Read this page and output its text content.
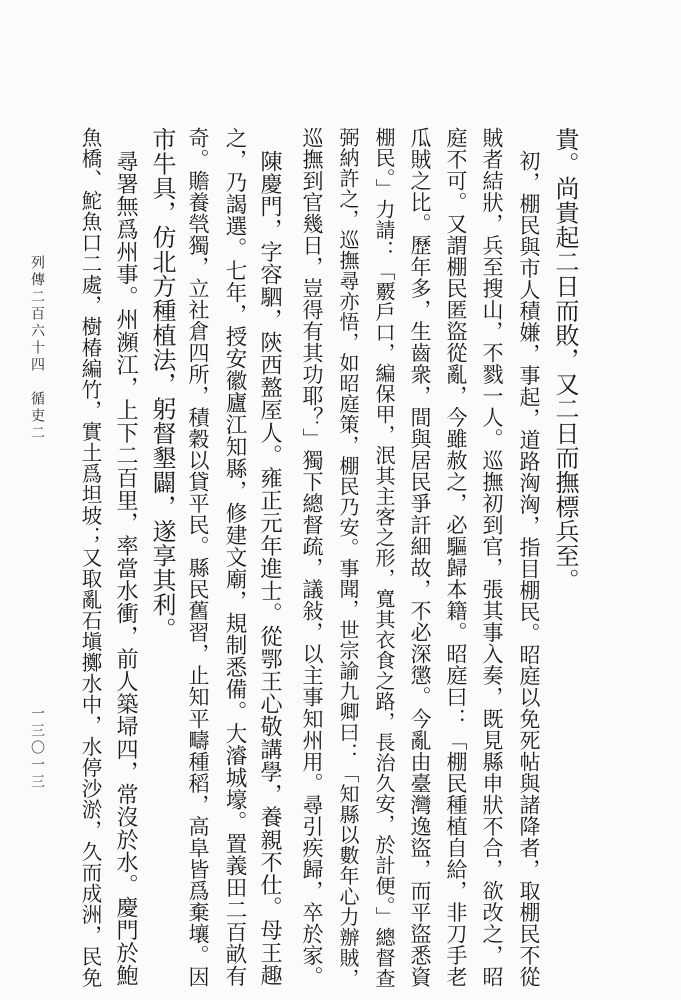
貴。尚貴起二日而敗，又二日而撫標兵至。
初，棚民與市人積嫌，事起，道路洶洶，指目棚民。昭庭以免死帖與諸降者，取棚民不從
賊者結狀，兵至搜山，不戮一人。巡撫初到官，張其事入奏，既見縣申狀不合，欲改之，昭
庭不可。又謂棚民匿盜從亂，今雖赦之，必驅歸本籍。昭庭曰：「棚民種植自給，非刀手老
瓜賊之比。歷年多，生齒衆，間與居民爭訐細故，不必深懲。今亂由臺灣逸盜，而平盜悉資
棚民。」力請：「覈戶口，編保甲，泯其主客之形，寬其衣食之路，長治久安，於計便。」總督查
弼納許之，巡撫尋亦悟，如昭庭策，棚民乃安。事聞，世宗諭九卿曰：「知縣以數年心力辦賊，
巡撫到官幾日，豈得有其功耶？」獨下總督疏，議敍，以主事知州用。尋引疾歸，卒於家。
陳慶門，字容駟，陝西盩厔人。雍正元年進士。從鄂王心敬講學，養親不仕。母王趣
之，乃謁選。七年，授安徽廬江知縣，修建文廟，規制悉備。大濬城壕。置義田二百畝有
奇。贍養煢獨，立社倉四所，積穀以貸平民。縣民舊習，止知平疇種稻，高阜皆爲棄壤。因
市牛具，仿北方種植法，躬督墾闢，遂享其利。
尋署無爲州事。州瀕江，上下二百里，率當水衝，前人築埽四，常沒於水。慶門於鮑
魚橋、鮀魚口二處，樹椿編竹，實土爲坦坡；又取亂石塡擲水中，水停沙淤，久而成洲，民免
列傳二百六十四　循吏二
一三〇一三
